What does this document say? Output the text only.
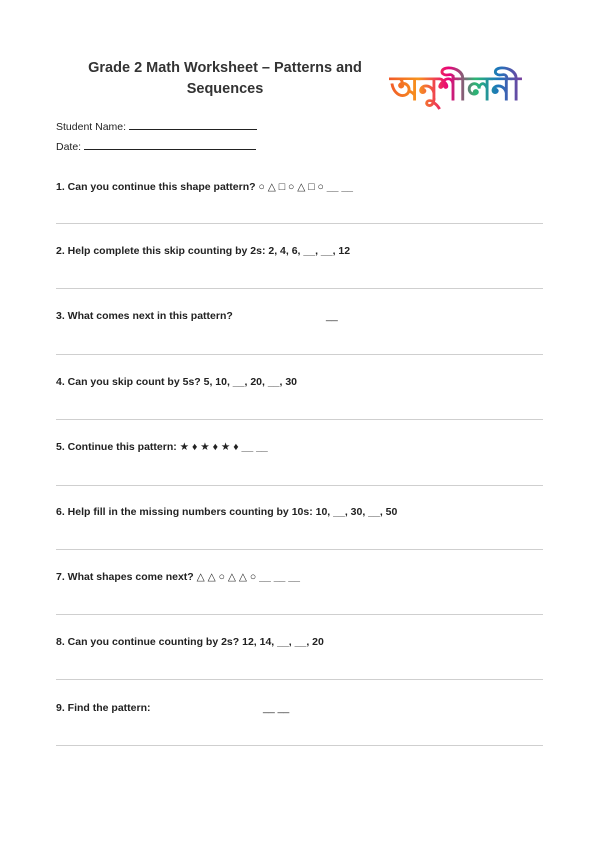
Grade 2 Math Worksheet – Patterns and
Sequences	অনুশীলনী
Student Name:
Date:
1. Can you continue this shape pattern? ○ △ □ ○ △ □ ○ __ __
2. Help complete this skip counting by 2s: 2, 4, 6, __, __, 12
3. What comes next in this pattern?	__
4. Can you skip count by 5s? 5, 10, __, 20, __, 30
5. Continue this pattern: ★ ♦ ★ ♦ ★ ♦ __ __
6. Help fill in the missing numbers counting by 10s: 10, __, 30, __, 50
7. What shapes come next? △ △ ○ △ △ ○ __ __ __
8. Can you continue counting by 2s? 12, 14, __, __, 20
9. Find the pattern:	__ __
